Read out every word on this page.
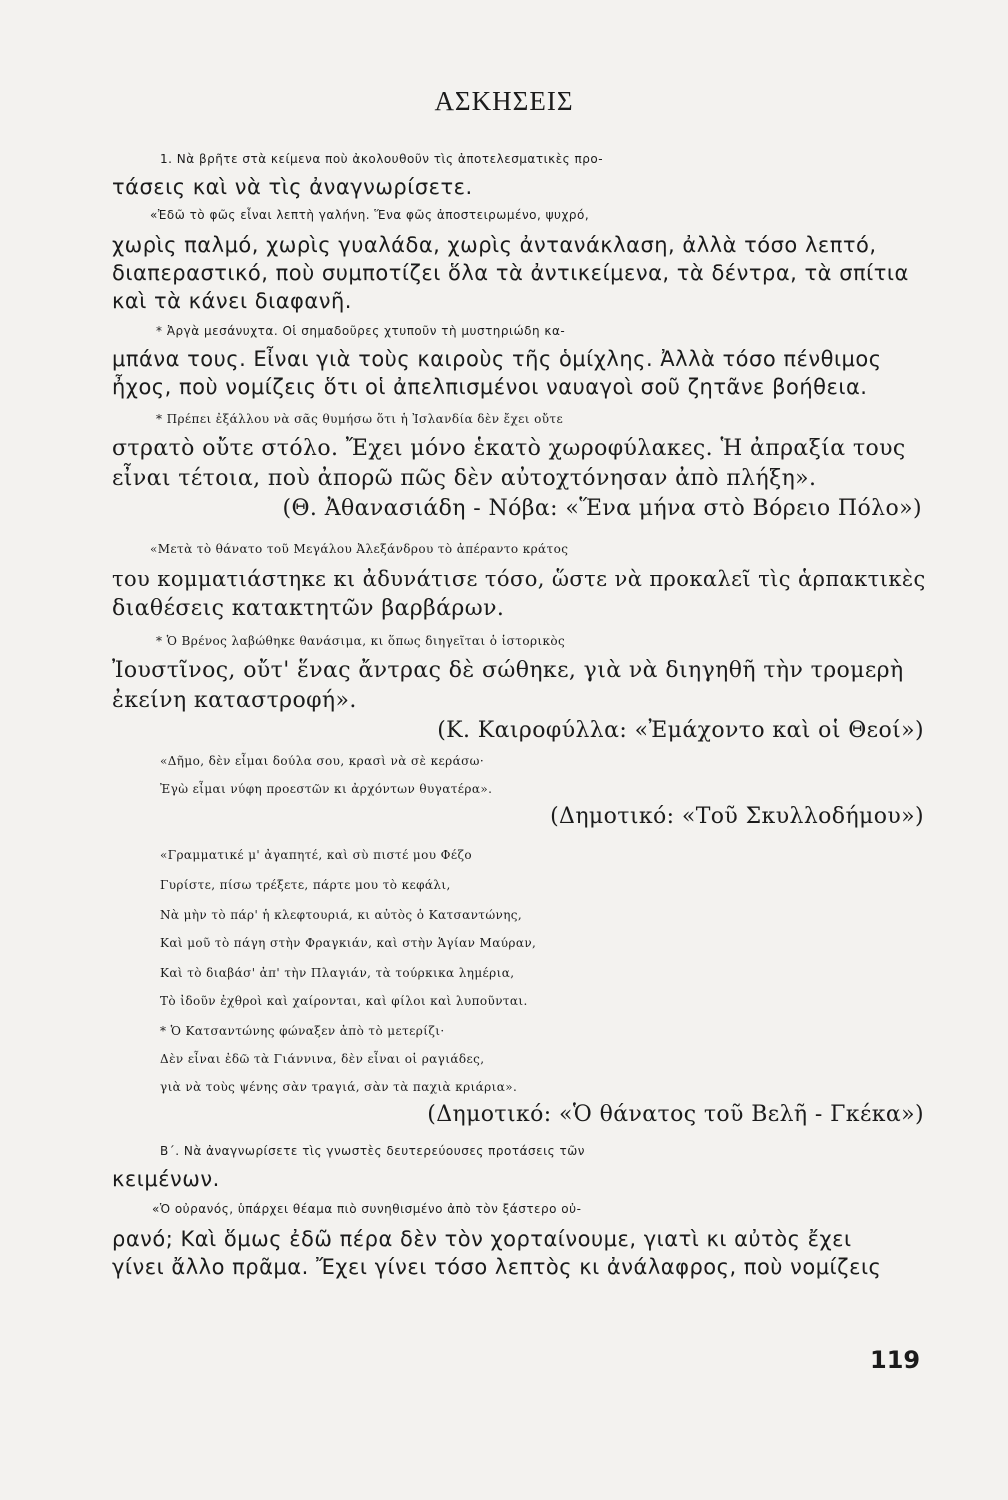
ΑΣΚΗΣΕΙΣ
1. Νὰ βρῆτε στὰ κείμενα ποὺ ἀκολουθοῦν τὶς ἀποτελεσματικὲς προ-
τάσεις καὶ νὰ τὶς ἀναγνωρίσετε.
«Ἐδῶ τὸ φῶς εἶναι λεπτὴ γαλήνη. Ἕνα φῶς ἀποστειρωμένο, ψυχρό,
χωρὶς παλμό, χωρὶς γυαλάδα, χωρὶς ἀντανάκλαση, ἀλλὰ τόσο λεπτό,
διαπεραστικό, ποὺ συμποτίζει ὅλα τὰ ἀντικείμενα, τὰ δέντρα, τὰ σπίτια
καὶ τὰ κάνει διαφανῆ.
* Ἀργὰ μεσάνυχτα. Οἱ σημαδοῦρες χτυποῦν τὴ μυστηριώδη κα-
μπάνα τους. Εἶναι γιὰ τοὺς καιροὺς τῆς ὁμίχλης. Ἀλλὰ τόσο πένθιμος
ἦχος, ποὺ νομίζεις ὅτι οἱ ἀπελπισμένοι ναυαγοὶ σοῦ ζητᾶνε βοήθεια.
* Πρέπει ἐξάλλου νὰ σᾶς θυμήσω ὅτι ἡ Ἰσλανδία δὲν ἔχει οὔτε
στρατὸ οὔτε στόλο. Ἔχει μόνο ἑκατὸ χωροφύλακες. Ἡ ἀπραξία τους
εἶναι τέτοια, ποὺ ἀπορῶ πῶς δὲν αὐτοχτόνησαν ἀπὸ πλήξη».
(Θ. Ἀθανασιάδη - Νόβα: «Ἕνα μήνα στὸ Βόρειο Πόλο»)
«Μετὰ τὸ θάνατο τοῦ Μεγάλου Ἀλεξάνδρου τὸ ἀπέραντο κράτος
του κομματιάστηκε κι ἀδυνάτισε τόσο, ὥστε νὰ προκαλεῖ τὶς ἁρπακτικὲς
διαθέσεις κατακτητῶν βαρβάρων.
* Ὁ Βρένος λαβώθηκε θανάσιμα, κι ὅπως διηγεῖται ὁ ἱστορικὸς
Ἰουστῖνος, οὔτ' ἕνας ἄντρας δὲ σώθηκε, γιὰ νὰ διηγηθῆ τὴν τρομερὴ
ἐκείνη καταστροφή».
(Κ. Καιροφύλλα: «Ἐμάχοντο καὶ οἱ Θεοί»)
«Δῆμο, δὲν εἶμαι δούλα σου, κρασὶ νὰ σὲ κεράσω·
Ἐγὼ εἶμαι νύφη προεστῶν κι ἀρχόντων θυγατέρα».
(Δημοτικό: «Τοῦ Σκυλλοδήμου»)
«Γραμματικέ μ' ἀγαπητέ, καὶ σὺ πιστέ μου Φέζο
Γυρίστε, πίσω τρέξετε, πάρτε μου τὸ κεφάλι,
Νὰ μὴν τὸ πάρ' ἡ κλεφτουριά, κι αὐτὸς ὁ Κατσαντώνης,
Καὶ μοῦ τὸ πάγη στὴν Φραγκιάν, καὶ στὴν Ἁγίαν Μαύραν,
Καὶ τὸ διαβάσ' ἀπ' τὴν Πλαγιάν, τὰ τούρκικα λημέρια,
Τὸ ἰδοῦν ἐχθροὶ καὶ χαίρονται, καὶ φίλοι καὶ λυποῦνται.
* Ὁ Κατσαντώνης φώναξεν ἀπὸ τὸ μετερίζι·
Δὲν εἶναι ἐδῶ τὰ Γιάννινα, δὲν εἶναι οἱ ραγιάδες,
γιὰ νὰ τοὺς ψένης σὰν τραγιά, σὰν τὰ παχιὰ κριάρια».
(Δημοτικό: «Ὁ θάνατος τοῦ Βελῆ - Γκέκα»)
Β΄. Νὰ ἀναγνωρίσετε τὶς γνωστὲς δευτερεύουσες προτάσεις τῶν
κειμένων.
«Ὁ οὐρανός, ὑπάρχει θέαμα πιὸ συνηθισμένο ἀπὸ τὸν ξάστερο οὐ-
ρανό; Καὶ ὅμως ἐδῶ πέρα δὲν τὸν χορταίνουμε, γιατὶ κι αὐτὸς ἔχει
γίνει ἄλλο πρᾶμα. Ἔχει γίνει τόσο λεπτὸς κι ἀνάλαφρος, ποὺ νομίζεις
119
